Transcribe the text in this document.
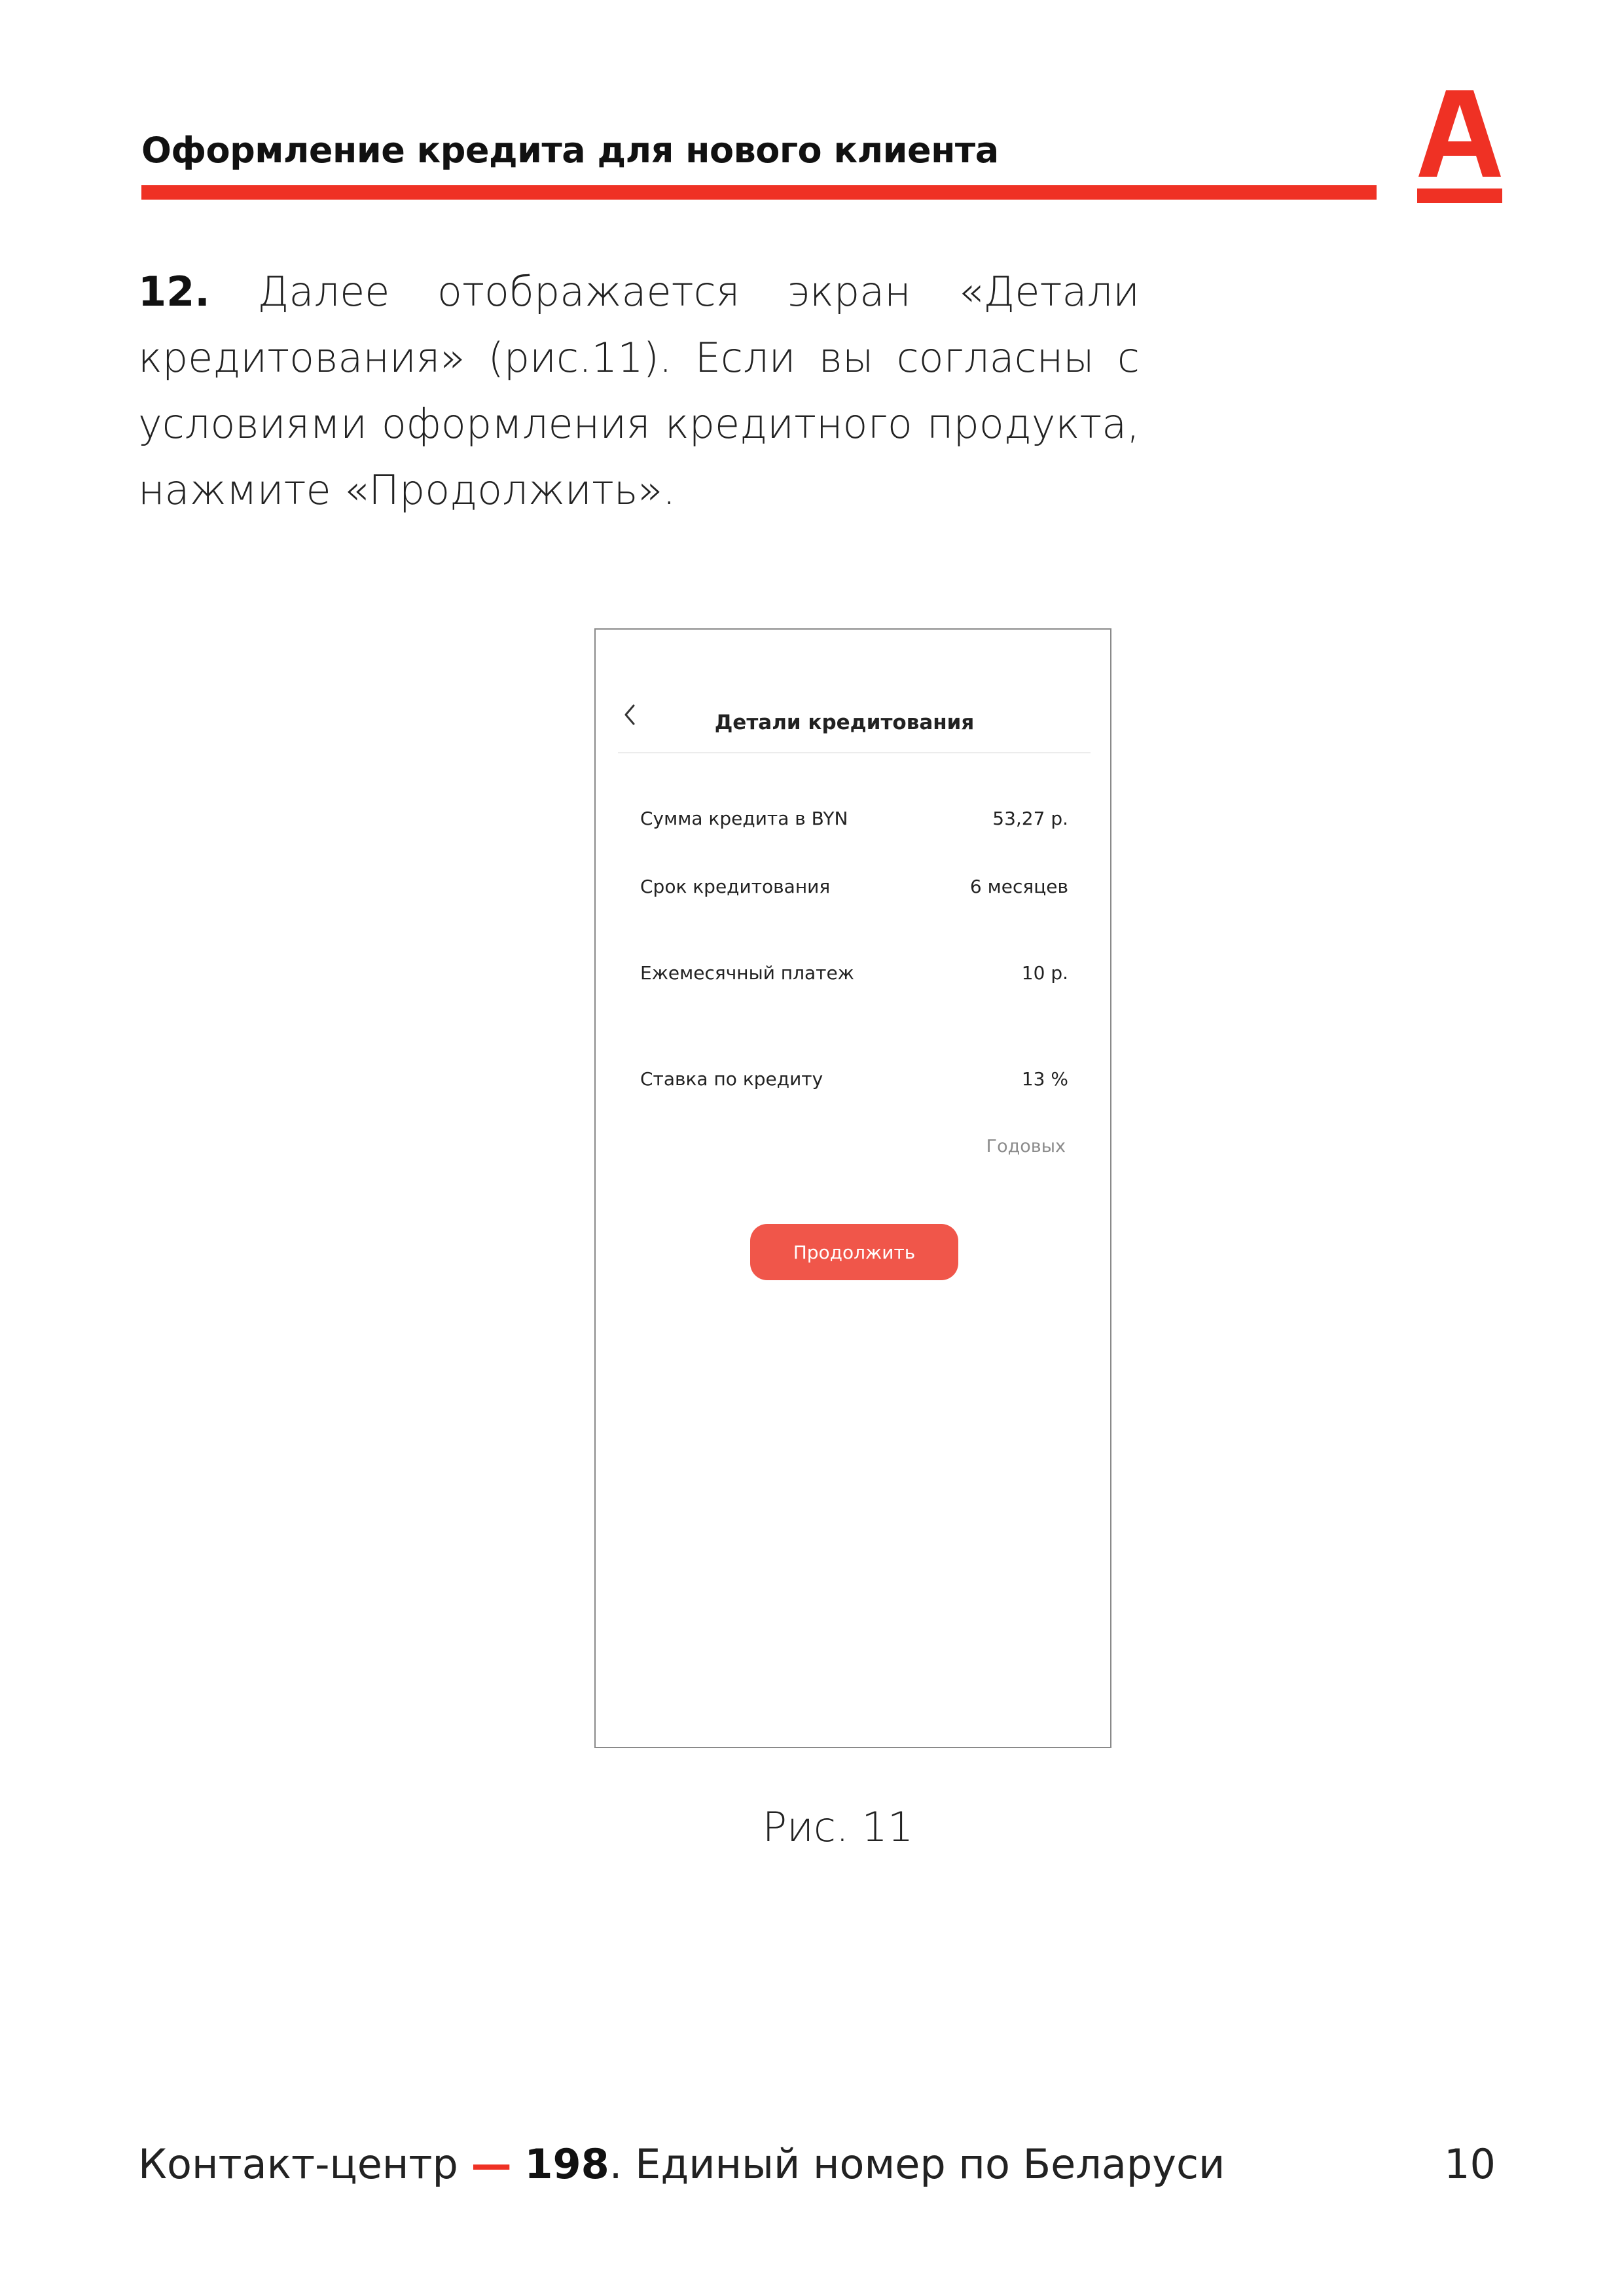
Оформление кредита для нового клиента
12. Далее отображается экран «Детали кредитования» (рис.11). Если вы согласны с условиями оформления кредитного продукта, нажмите «Продолжить».
Детали кредитования
Сумма кредита в BYN	53,27 р.
Срок кредитования	6 месяцев
Ежемесячный платеж	10 р.
Ставка по кредиту	13 %
Годовых
Продолжить
Рис. 11
Контакт-центр — 198. Единый номер по Беларуси	10
